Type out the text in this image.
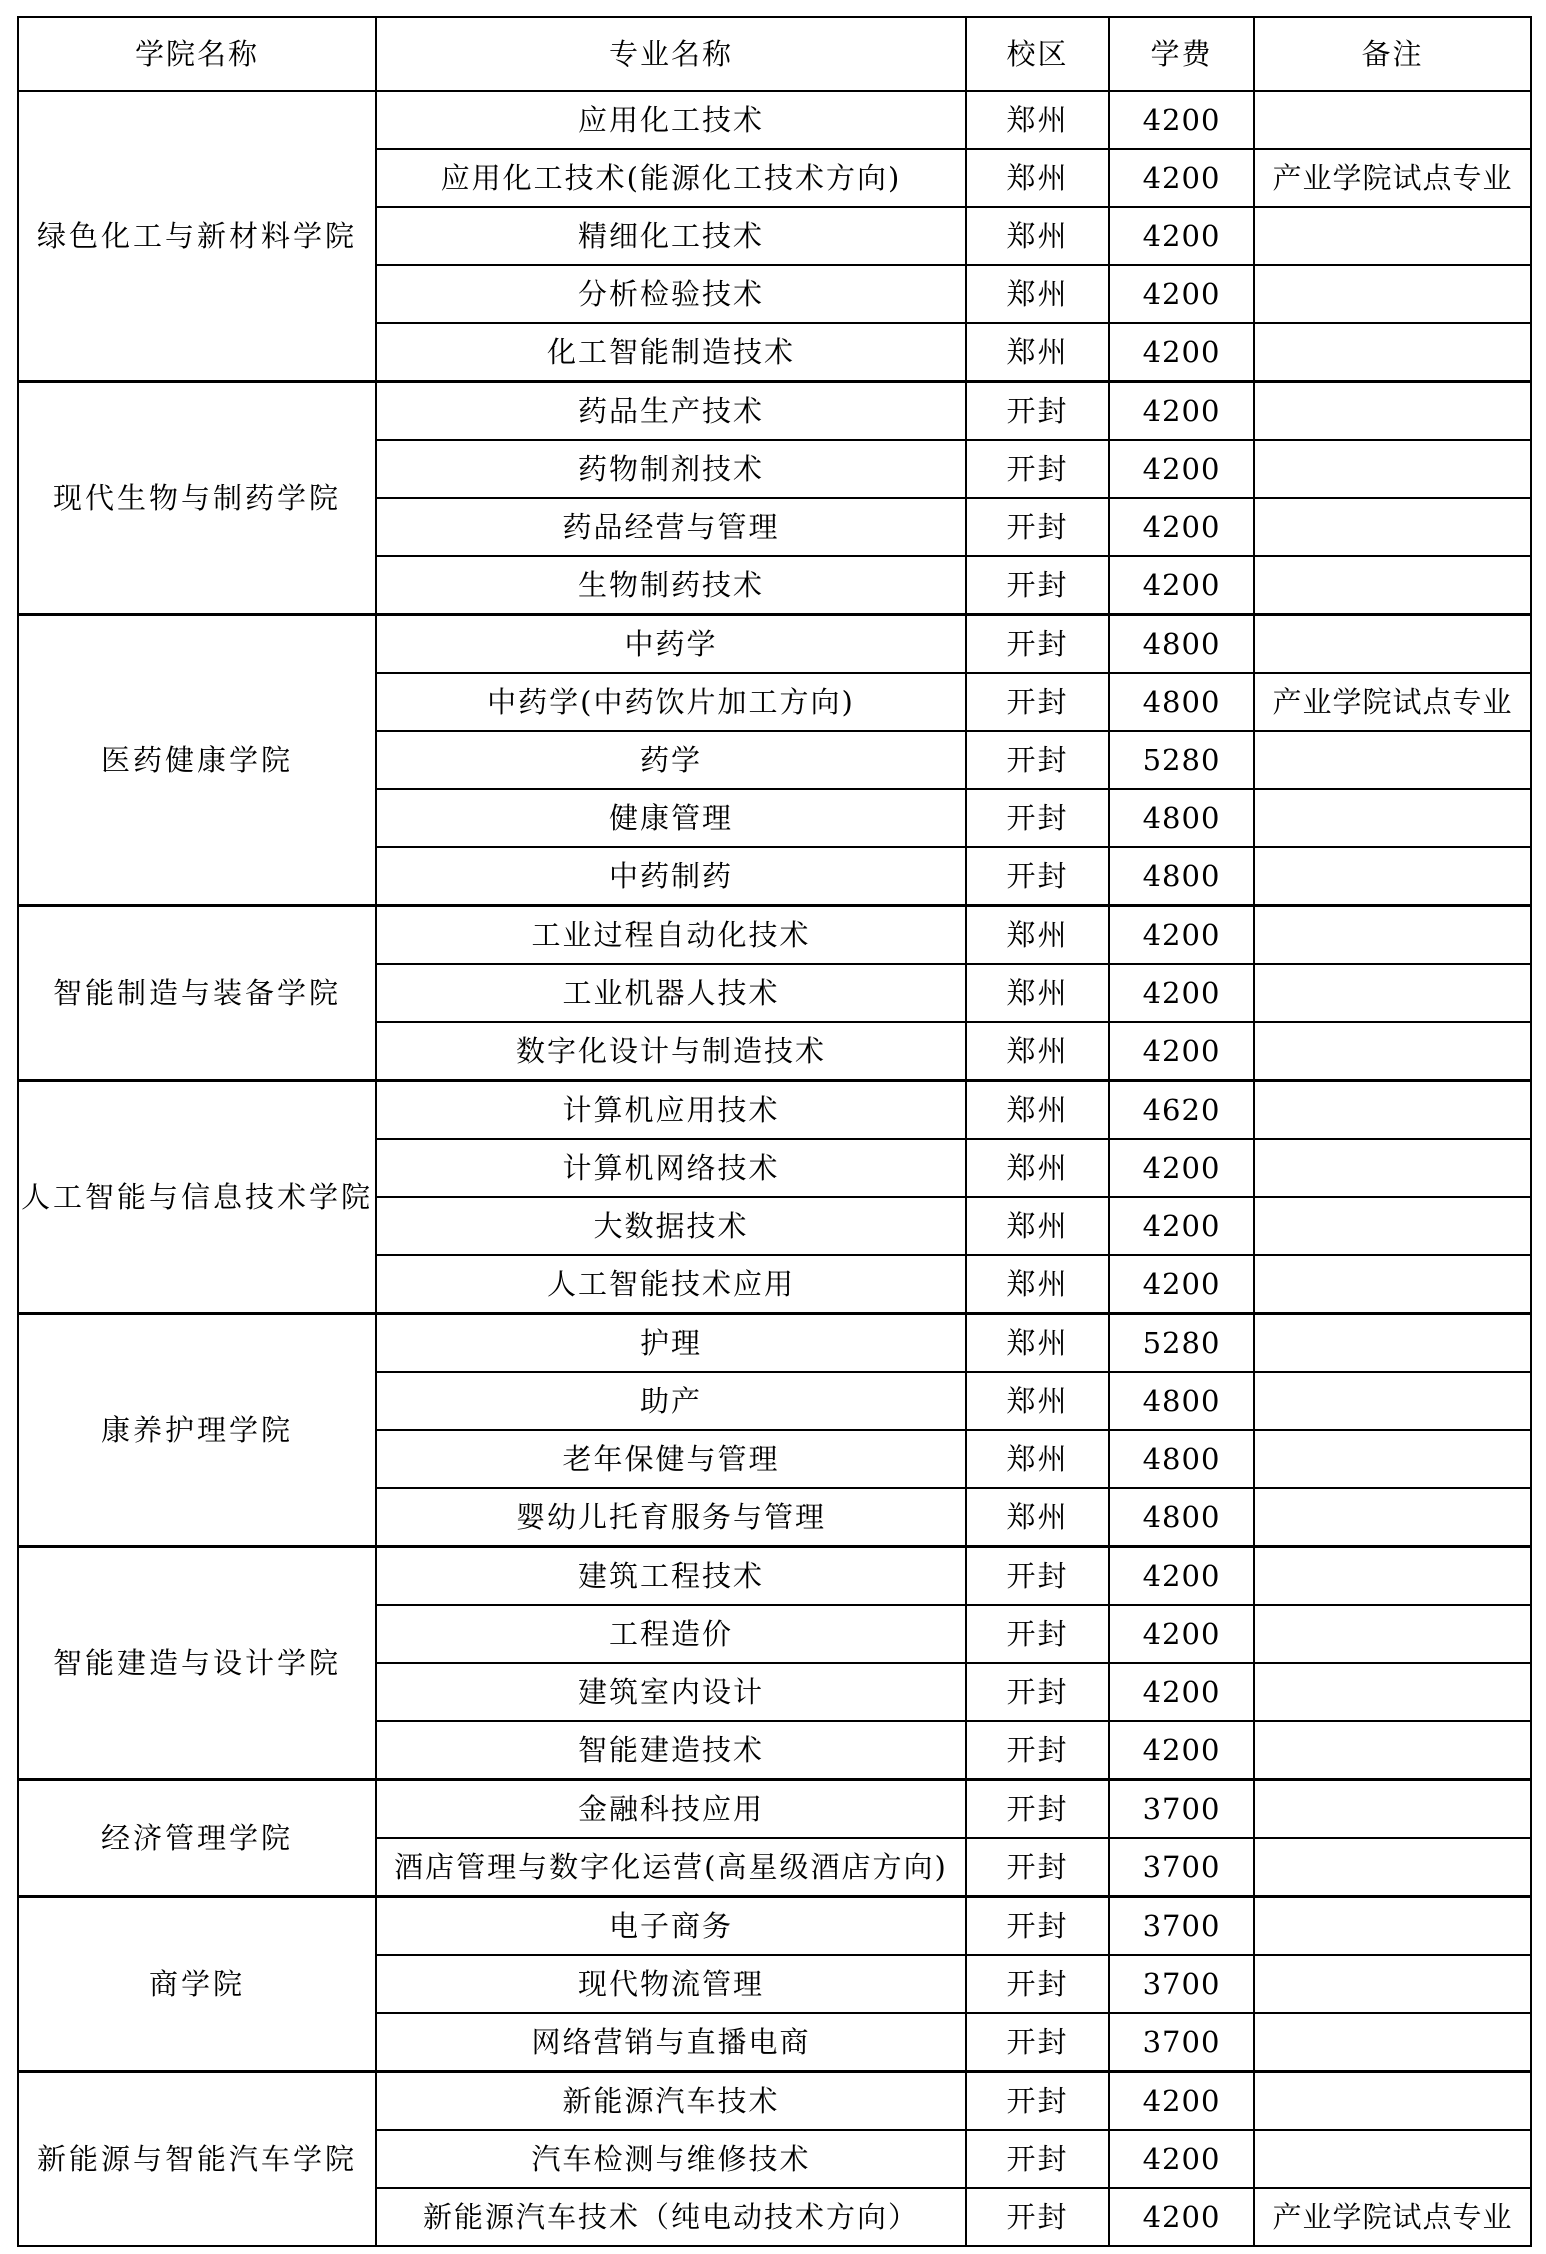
学院名称	专业名称	校区	学费	备注
绿色化工与新材料学院	应用化工技术	郑州	4200	
	应用化工技术(能源化工技术方向)	郑州	4200	产业学院试点专业
	精细化工技术	郑州	4200	
	分析检验技术	郑州	4200	
	化工智能制造技术	郑州	4200	
现代生物与制药学院	药品生产技术	开封	4200	
	药物制剂技术	开封	4200	
	药品经营与管理	开封	4200	
	生物制药技术	开封	4200	
医药健康学院	中药学	开封	4800	
	中药学(中药饮片加工方向)	开封	4800	产业学院试点专业
	药学	开封	5280	
	健康管理	开封	4800	
	中药制药	开封	4800	
智能制造与装备学院	工业过程自动化技术	郑州	4200	
	工业机器人技术	郑州	4200	
	数字化设计与制造技术	郑州	4200	
人工智能与信息技术学院	计算机应用技术	郑州	4620	
	计算机网络技术	郑州	4200	
	大数据技术	郑州	4200	
	人工智能技术应用	郑州	4200	
康养护理学院	护理	郑州	5280	
	助产	郑州	4800	
	老年保健与管理	郑州	4800	
	婴幼儿托育服务与管理	郑州	4800	
智能建造与设计学院	建筑工程技术	开封	4200	
	工程造价	开封	4200	
	建筑室内设计	开封	4200	
	智能建造技术	开封	4200	
经济管理学院	金融科技应用	开封	3700	
	酒店管理与数字化运营(高星级酒店方向)	开封	3700	
商学院	电子商务	开封	3700	
	现代物流管理	开封	3700	
	网络营销与直播电商	开封	3700	
新能源与智能汽车学院	新能源汽车技术	开封	4200	
	汽车检测与维修技术	开封	4200	
	新能源汽车技术（纯电动技术方向）	开封	4200	产业学院试点专业
